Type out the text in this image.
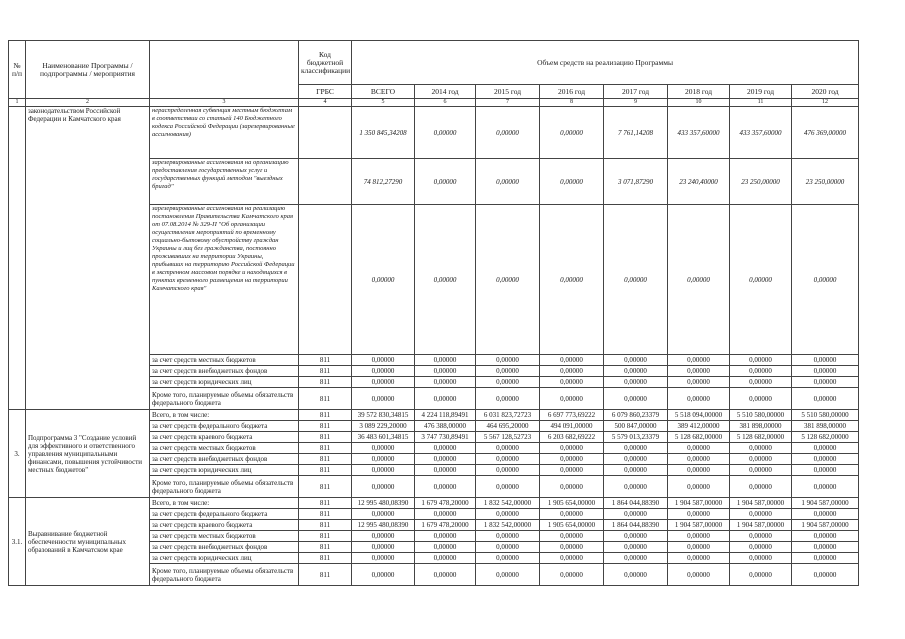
№ п/п	Наименование Программы / подпрограммы / мероприятия		Код бюджетной классификации	Объем средств на реализацию Программы							
			ГРБС	ВСЕГО	2014 год	2015 год	2016 год	2017 год	2018 год	2019 год	2020 год
1	2	3	4	5	6	7	8	9	10	11	12
	законодательством Российской Федерации и Камчатского края	нераспределенная субвенция местным бюджетам в соответствии со статьей 140 Бюджетного кодекса Российской Федерации (зарезервированные ассигнования)		1 350 845,34208	0,00000	0,00000	0,00000	7 761,14208	433 357,60000	433 357,60000	476 369,00000
		зарезервированные ассигнования на организацию предоставления государственных услуг и государственных функций методом "выездных бригад"		74 812,27290	0,00000	0,00000	0,00000	3 071,87290	23 240,40000	23 250,00000	23 250,00000
		зарезервированные ассигнования на реализацию постановления Правительства Камчатского края от 07.08.2014 № 329-П "Об организации осуществления мероприятий по временному социально-бытовому обустройству граждан Украины и лиц без гражданства, постоянно проживавших на территории Украины, прибывших на территорию Российской Федерации в экстренном массовом порядке и находящихся в пунктах временного размещения на территории Камчатского края"		0,00000	0,00000	0,00000	0,00000	0,00000	0,00000	0,00000	0,00000
		за счет средств местных бюджетов	811	0,00000	0,00000	0,00000	0,00000	0,00000	0,00000	0,00000	0,00000
		за счет средств внебюджетных фондов	811	0,00000	0,00000	0,00000	0,00000	0,00000	0,00000	0,00000	0,00000
		за счет средств юридических лиц	811	0,00000	0,00000	0,00000	0,00000	0,00000	0,00000	0,00000	0,00000
		Кроме того, планируемые объемы обязательств федерального бюджета	811	0,00000	0,00000	0,00000	0,00000	0,00000	0,00000	0,00000	0,00000
3.	Подпрограмма 3 "Создание условий для эффективного и ответственного управления муниципальными финансами, повышения устойчивости местных бюджетов"	Всего, в том числе:	811	39 572 830,34815	4 224 118,89491	6 031 823,72723	6 697 773,69222	6 079 860,23379	5 518 094,00000	5 510 580,00000	5 510 580,00000
		за счет средств федерального бюджета	811	3 089 229,20000	476 388,00000	464 695,20000	494 091,00000	500 847,00000	389 412,00000	381 898,00000	381 898,00000
		за счет средств краевого бюджета	811	36 483 601,34815	3 747 730,89491	5 567 128,52723	6 203 682,69222	5 579 013,23379	5 128 682,00000	5 128 682,00000	5 128 682,00000
		за счет средств местных бюджетов	811	0,00000	0,00000	0,00000	0,00000	0,00000	0,00000	0,00000	0,00000
		за счет средств внебюджетных фондов	811	0,00000	0,00000	0,00000	0,00000	0,00000	0,00000	0,00000	0,00000
		за счет средств юридических лиц	811	0,00000	0,00000	0,00000	0,00000	0,00000	0,00000	0,00000	0,00000
		Кроме того, планируемые объемы обязательств федерального бюджета	811	0,00000	0,00000	0,00000	0,00000	0,00000	0,00000	0,00000	0,00000
3.1.	Выравнивание бюджетной обеспеченности муниципальных образований в Камчатском крае	Всего, в том числе:	811	12 995 480,08390	1 679 478,20000	1 832 542,00000	1 905 654,00000	1 864 044,88390	1 904 587,00000	1 904 587,00000	1 904 587,00000
		за счет средств федерального бюджета	811	0,00000	0,00000	0,00000	0,00000	0,00000	0,00000	0,00000	0,00000
		за счет средств краевого бюджета	811	12 995 480,08390	1 679 478,20000	1 832 542,00000	1 905 654,00000	1 864 044,88390	1 904 587,00000	1 904 587,00000	1 904 587,00000
		за счет средств местных бюджетов	811	0,00000	0,00000	0,00000	0,00000	0,00000	0,00000	0,00000	0,00000
		за счет средств внебюджетных фондов	811	0,00000	0,00000	0,00000	0,00000	0,00000	0,00000	0,00000	0,00000
		за счет средств юридических лиц	811	0,00000	0,00000	0,00000	0,00000	0,00000	0,00000	0,00000	0,00000
		Кроме того, планируемые объемы обязательств федерального бюджета	811	0,00000	0,00000	0,00000	0,00000	0,00000	0,00000	0,00000	0,00000
